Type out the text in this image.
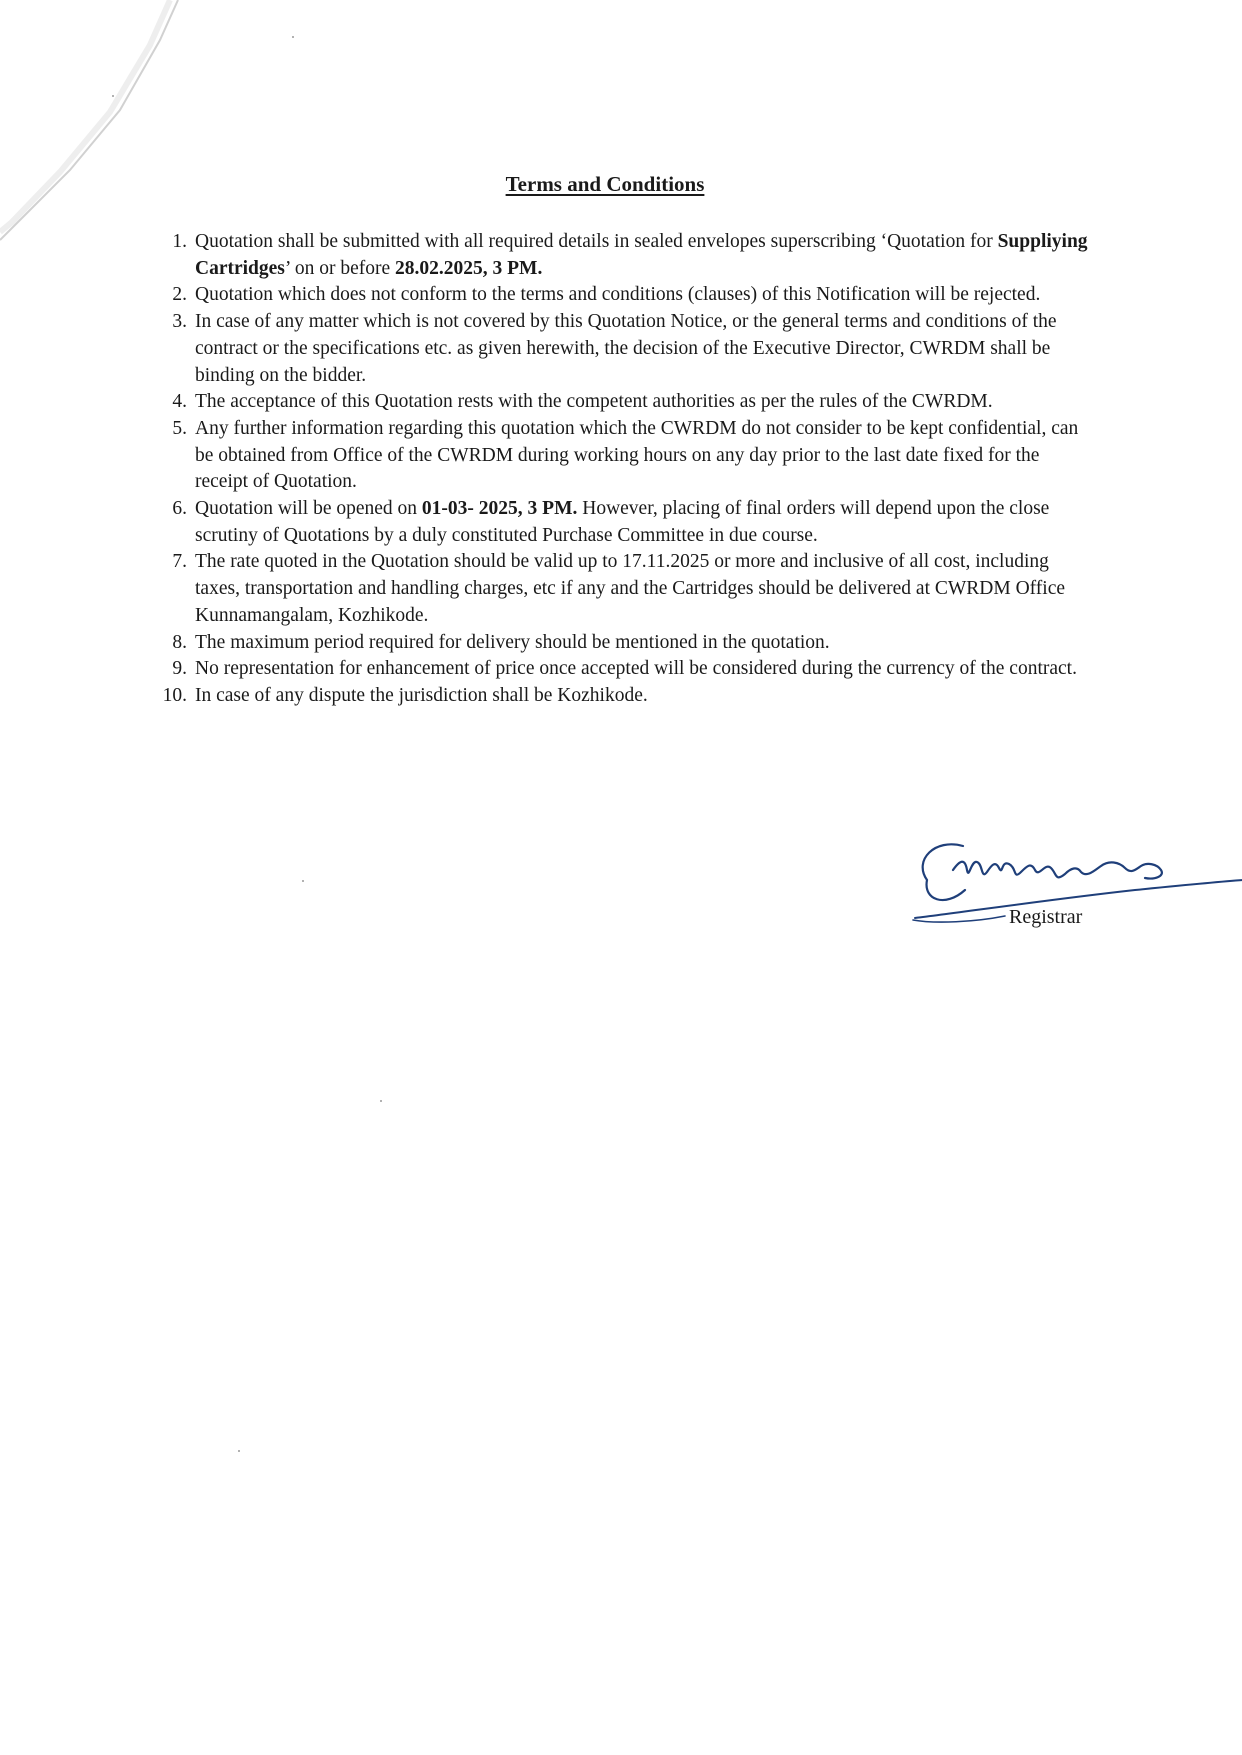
Terms and Conditions
1. Quotation shall be submitted with all required details in sealed envelopes superscribing ‘Quotation for Suppliying Cartridges’ on or before 28.02.2025, 3 PM.
2. Quotation which does not conform to the terms and conditions (clauses) of this Notification will be rejected.
3. In case of any matter which is not covered by this Quotation Notice, or the general terms and conditions of the contract or the specifications etc. as given herewith, the decision of the Executive Director, CWRDM shall be binding on the bidder.
4. The acceptance of this Quotation rests with the competent authorities as per the rules of the CWRDM.
5. Any further information regarding this quotation which the CWRDM do not consider to be kept confidential, can be obtained from Office of the CWRDM during working hours on any day prior to the last date fixed for the receipt of Quotation.
6. Quotation will be opened on 01-03- 2025, 3 PM. However, placing of final orders will depend upon the close scrutiny of Quotations by a duly constituted Purchase Committee in due course.
7. The rate quoted in the Quotation should be valid up to 17.11.2025 or more and inclusive of all cost, including taxes, transportation and handling charges, etc if any and the Cartridges should be delivered at CWRDM Office Kunnamangalam, Kozhikode.
8. The maximum period required for delivery should be mentioned in the quotation.
9. No representation for enhancement of price once accepted will be considered during the currency of the contract.
10. In case of any dispute the jurisdiction shall be Kozhikode.
Registrar
